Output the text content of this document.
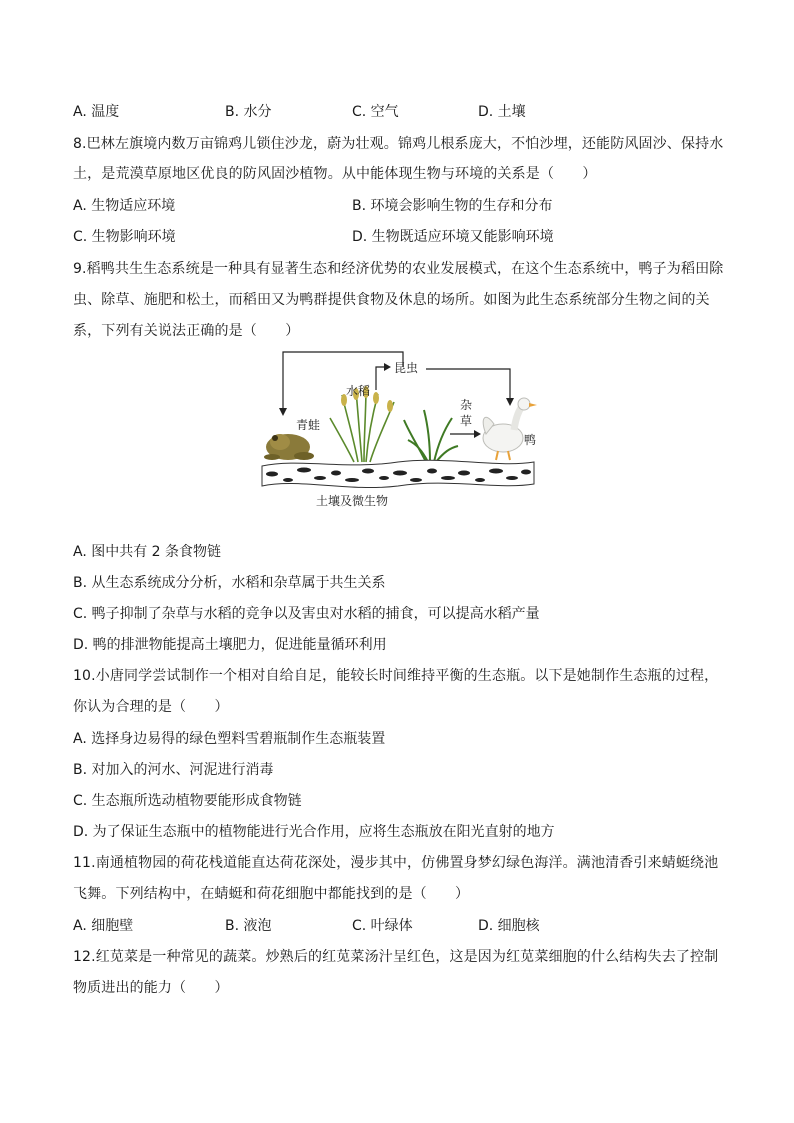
A. 温度	B. 水分	C. 空气	D. 土壤
8.巴林左旗境内数万亩锦鸡儿锁住沙龙，蔚为壮观。锦鸡儿根系庞大，不怕沙埋，还能防风固沙、保持水
土，是荒漠草原地区优良的防风固沙植物。从中能体现生物与环境的关系是（　　）
A. 生物适应环境	B. 环境会影响生物的生存和分布
C. 生物影响环境	D. 生物既适应环境又能影响环境
9.稻鸭共生生态系统是一种具有显著生态和经济优势的农业发展模式，在这个生态系统中，鸭子为稻田除
虫、除草、施肥和松土，而稻田又为鸭群提供食物及休息的场所。如图为此生态系统部分生物之间的关
系，下列有关说法正确的是（　　）
昆虫
水稻
青蛙
杂
草
鸭
土壤及微生物
A. 图中共有 2 条食物链
B. 从生态系统成分分析，水稻和杂草属于共生关系
C. 鸭子抑制了杂草与水稻的竞争以及害虫对水稻的捕食，可以提高水稻产量
D. 鸭的排泄物能提高土壤肥力，促进能量循环利用
10.小唐同学尝试制作一个相对自给自足，能较长时间维持平衡的生态瓶。以下是她制作生态瓶的过程，
你认为合理的是（　　）
A. 选择身边易得的绿色塑料雪碧瓶制作生态瓶装置
B. 对加入的河水、河泥进行消毒
C. 生态瓶所选动植物要能形成食物链
D. 为了保证生态瓶中的植物能进行光合作用，应将生态瓶放在阳光直射的地方
11.南通植物园的荷花栈道能直达荷花深处，漫步其中，仿佛置身梦幻绿色海洋。满池清香引来蜻蜓绕池
飞舞。下列结构中，在蜻蜓和荷花细胞中都能找到的是（　　）
A. 细胞壁	B. 液泡	C. 叶绿体	D. 细胞核
12.红苋菜是一种常见的蔬菜。炒熟后的红苋菜汤汁呈红色，这是因为红苋菜细胞的什么结构失去了控制
物质进出的能力（　　）
